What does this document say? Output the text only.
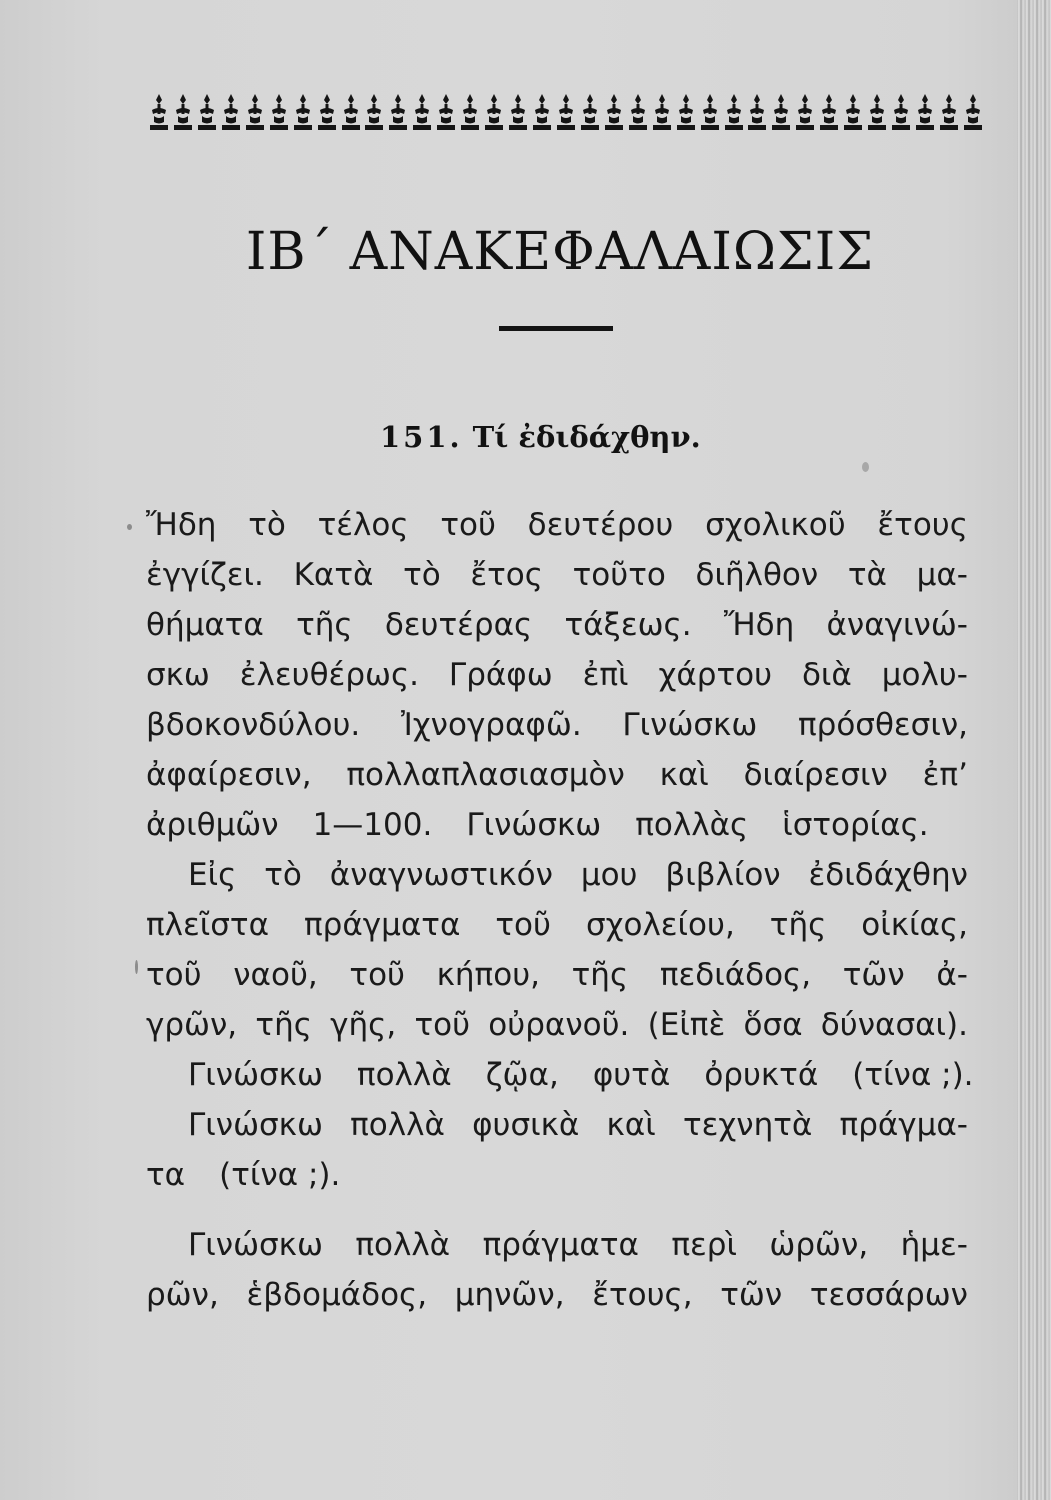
ΙΒ΄ ΑΝΑΚΕΦΑΛΑΙΩΣΙΣ
151. Τί ἐδιδάχθην.
Ἤδη τὸ τέλος τοῦ δευτέρου σχολικοῦ ἔτους
ἐγγίζει. Κατὰ τὸ ἔτος τοῦτο διῆλθον τὰ μα-
θήματα τῆς δευτέρας τάξεως. Ἤδη ἀναγινώ-
σκω ἐλευθέρως. Γράφω ἐπὶ χάρτου διὰ μολυ-
βδοκονδύλου. Ἰχνογραφῶ. Γινώσκω πρόσθεσιν,
ἀφαίρεσιν, πολλαπλασιασμὸν καὶ διαίρεσιν ἐπ’
ἀριθμῶν 1—100. Γινώσκω πολλὰς ἱστορίας.
Εἰς τὸ ἀναγνωστικόν μου βιβλίον ἐδιδάχθην
πλεῖστα πράγματα τοῦ σχολείου, τῆς οἰκίας,
τοῦ ναοῦ, τοῦ κήπου, τῆς πεδιάδος, τῶν ἀ-
γρῶν, τῆς γῆς, τοῦ οὐρανοῦ. (Εἰπὲ ὅσα δύνασαι).
Γινώσκω πολλὰ ζῷα, φυτὰ ὀρυκτά (τίνα ;).
Γινώσκω πολλὰ φυσικὰ καὶ τεχνητὰ πράγμα-
τα (τίνα ;).
Γινώσκω πολλὰ πράγματα περὶ ὡρῶν, ἡμε-
ρῶν, ἑβδομάδος, μηνῶν, ἔτους, τῶν τεσσάρων
